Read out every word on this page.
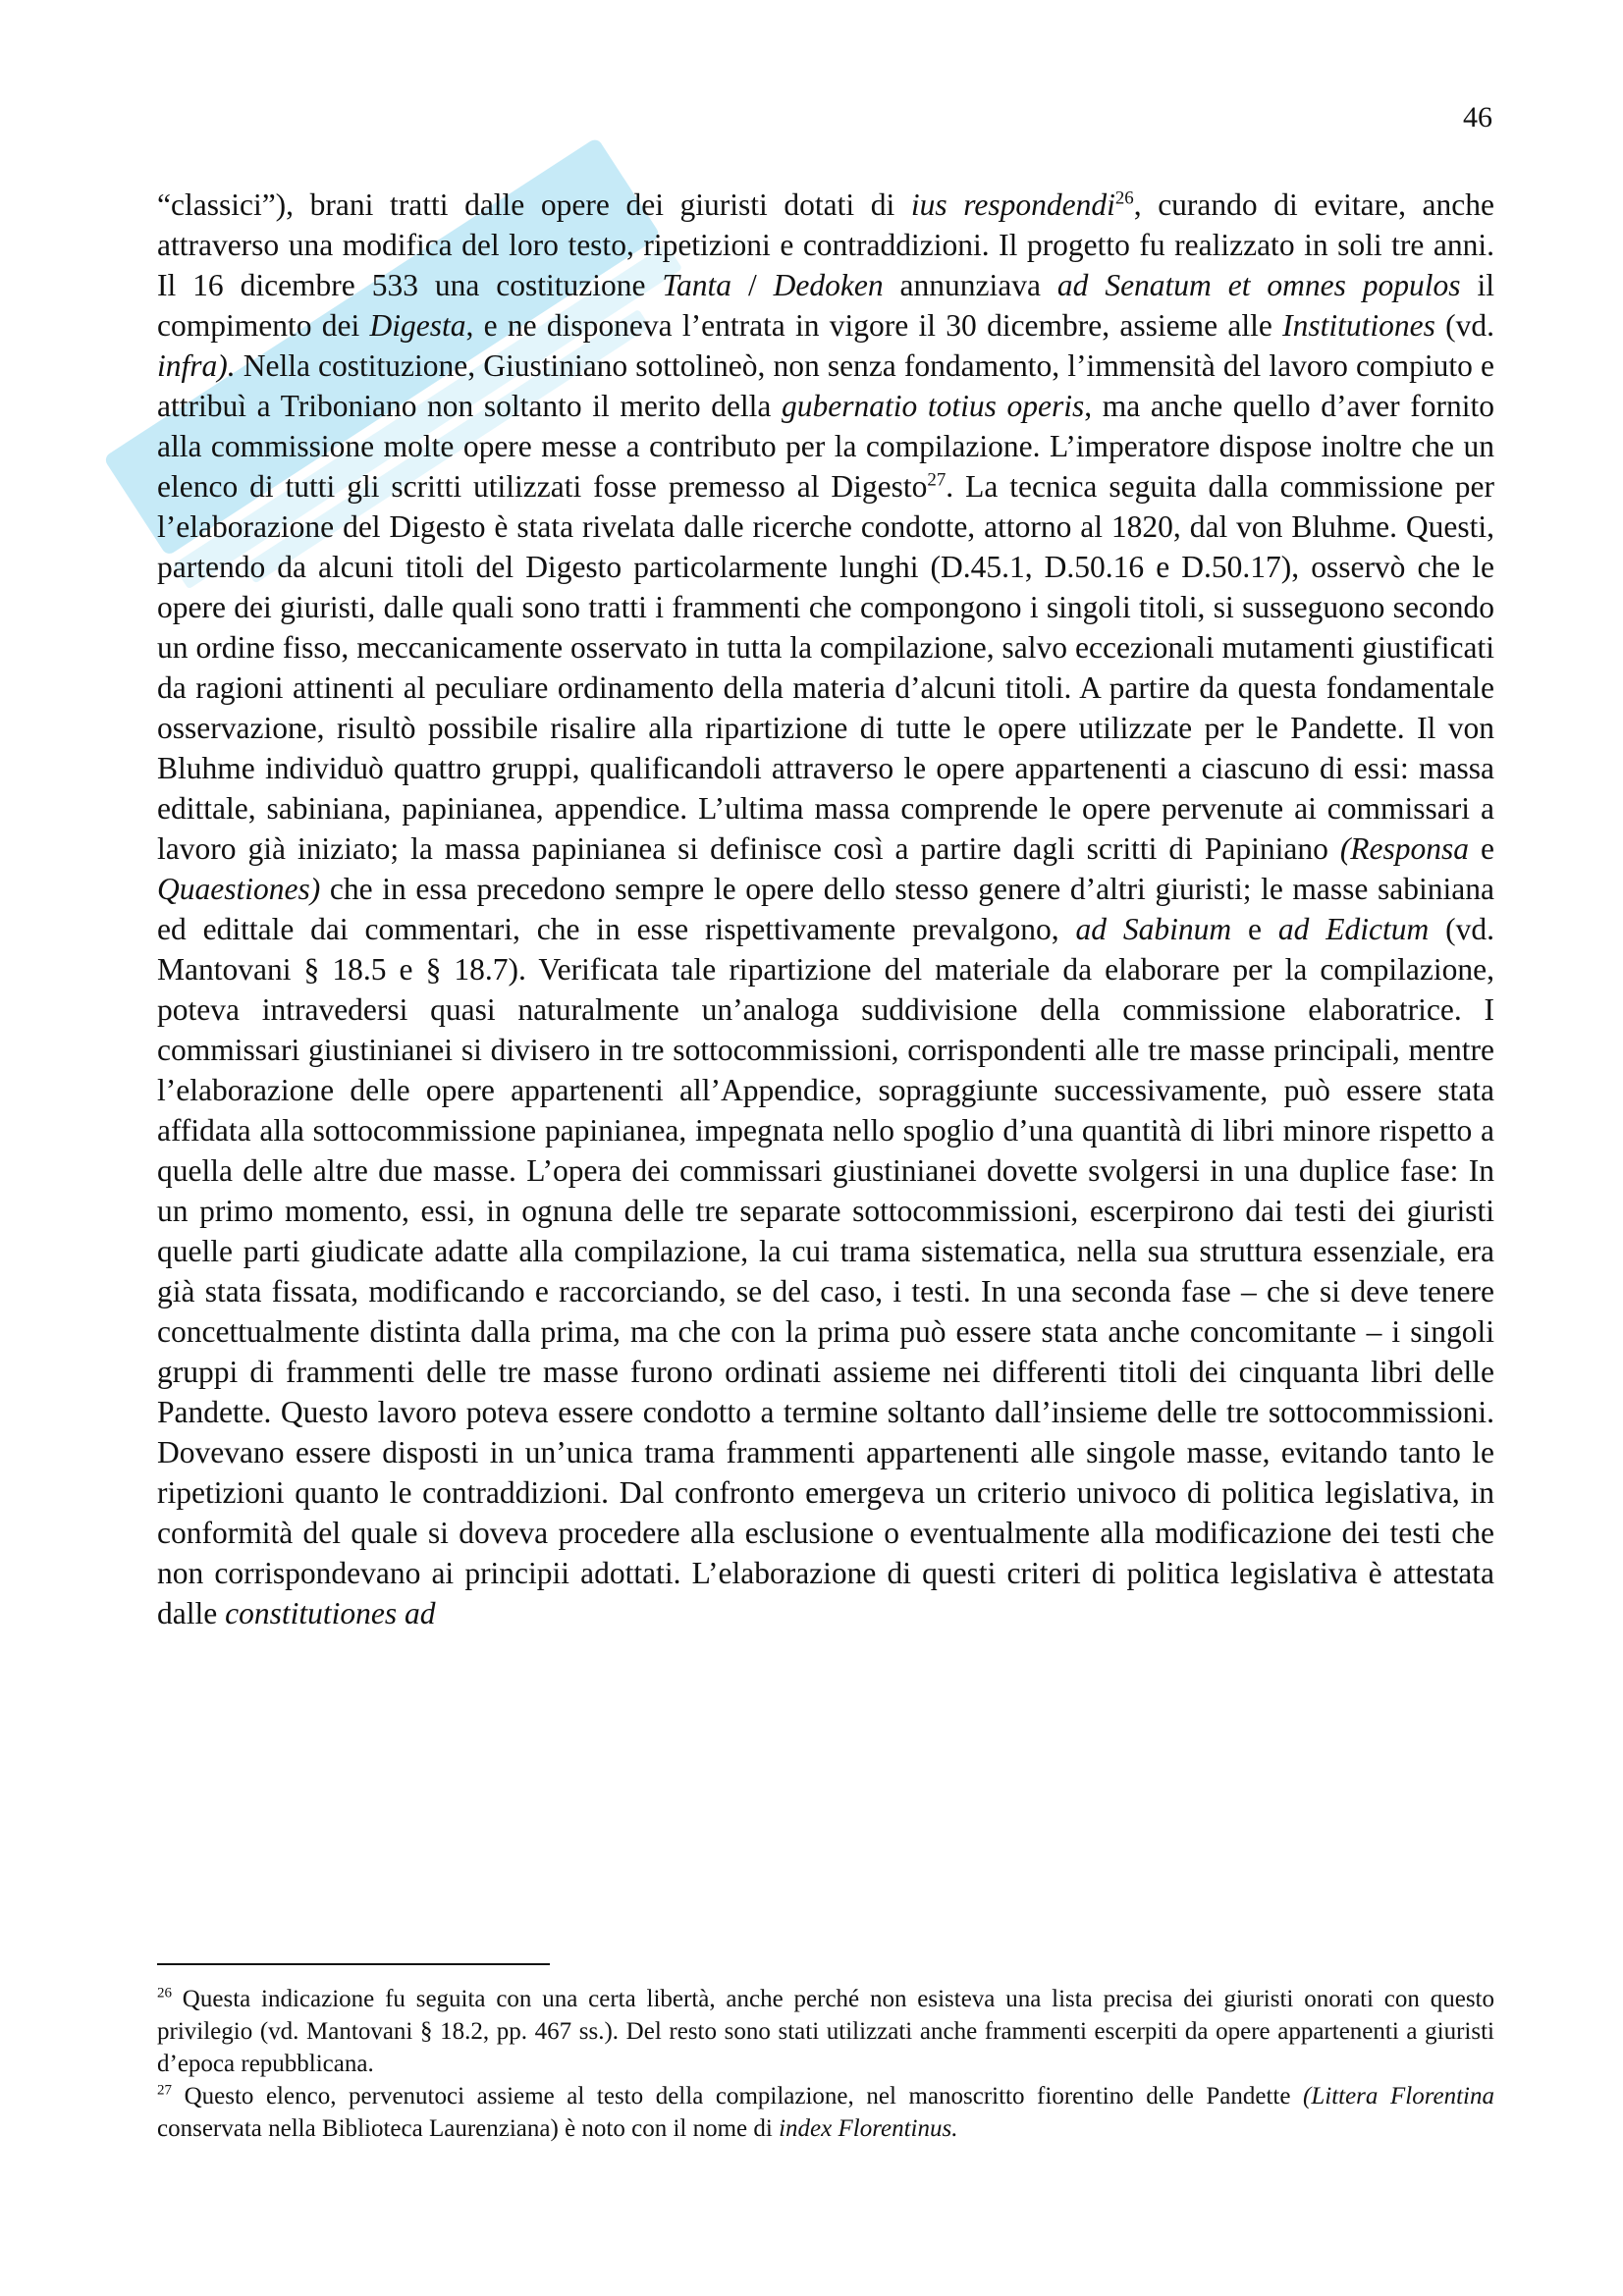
46

“classici”), brani tratti dalle opere dei giuristi dotati di ius respondendi$^{26}$, curando di evitare, anche attraverso una modifica del loro testo, ripetizioni e contraddizioni. Il progetto fu realizzato in soli tre anni. Il 16 dicembre 533 una costituzione Tanta / Dedoken annunziava ad Senatum et omnes populos il compimento dei Digesta, e ne disponeva l’entrata in vigore il 30 dicembre, assieme alle Institutiones (vd. infra). Nella costituzione, Giustiniano sottolineò, non senza fondamento, l’immensità del lavoro compiuto e attribuì a Triboniano non soltanto il merito della gubernatio totius operis, ma anche quello d’aver fornito alla commissione molte opere messe a contributo per la compilazione. L’imperatore dispose inoltre che un elenco di tutti gli scritti utilizzati fosse premesso al Digesto$^{27}$. La tecnica seguita dalla commissione per l’elaborazione del Digesto è stata rivelata dalle ricerche condotte, attorno al 1820, dal von Bluhme. Questi, partendo da alcuni titoli del Digesto particolarmente lunghi (D.45.1, D.50.16 e D.50.17), osservò che le opere dei giuristi, dalle quali sono tratti i frammenti che compongono i singoli titoli, si susseguono secondo un ordine fisso, meccanicamente osservato in tutta la compilazione, salvo eccezionali mutamenti giustificati da ragioni attinenti al peculiare ordinamento della materia d’alcuni titoli. A partire da questa fondamentale osservazione, risultò possibile risalire alla ripartizione di tutte le opere utilizzate per le Pandette. Il von Bluhme individuò quattro gruppi, qualificandoli attraverso le opere appartenenti a ciascuno di essi: massa edittale, sabiniana, papinianea, appendice. L’ultima massa comprende le opere pervenute ai commissari a lavoro già iniziato; la massa papinianea si definisce così a partire dagli scritti di Papiniano (Responsa e Quaestiones) che in essa precedono sempre le opere dello stesso genere d’altri giuristi; le masse sabiniana ed edittale dai commentari, che in esse rispettivamente prevalgono, ad Sabinum e ad Edictum (vd. Mantovani § 18.5 e § 18.7). Verificata tale ripartizione del materiale da elaborare per la compilazione, poteva intravedersi quasi naturalmente un’analoga suddivisione della commissione elaboratrice. I commissari giustinianei si divisero in tre sottocommissioni, corrispondenti alle tre masse principali, mentre l’elaborazione delle opere appartenenti all’Appendice, sopraggiunte successivamente, può essere stata affidata alla sottocommissione papinianea, impegnata nello spoglio d’una quantità di libri minore rispetto a quella delle altre due masse. L’opera dei commissari giustinianei dovette svolgersi in una duplice fase: In un primo momento, essi, in ognuna delle tre separate sottocommissioni, escerpirono dai testi dei giuristi quelle parti giudicate adatte alla compilazione, la cui trama sistematica, nella sua struttura essenziale, era già stata fissata, modificando e raccorciando, se del caso, i testi. In una seconda fase – che si deve tenere concettualmente distinta dalla prima, ma che con la prima può essere stata anche concomitante – i singoli gruppi di frammenti delle tre masse furono ordinati assieme nei differenti titoli dei cinquanta libri delle Pandette. Questo lavoro poteva essere condotto a termine soltanto dall’insieme delle tre sottocommissioni. Dovevano essere disposti in un’unica trama frammenti appartenenti alle singole masse, evitando tanto le ripetizioni quanto le contraddizioni. Dal confronto emergeva un criterio univoco di politica legislativa, in conformità del quale si doveva procedere alla esclusione o eventualmente alla modificazione dei testi che non corrispondevano ai principii adottati. L’elaborazione di questi criteri di politica legislativa è attestata dalle constitutiones ad

$^{26}$ Questa indicazione fu seguita con una certa libertà, anche perché non esisteva una lista precisa dei giuristi onorati con questo privilegio (vd. Mantovani § 18.2, pp. 467 ss.). Del resto sono stati utilizzati anche frammenti escerpiti da opere appartenenti a giuristi d’epoca repubblicana.

$^{27}$ Questo elenco, pervenutoci assieme al testo della compilazione, nel manoscritto fiorentino delle Pandette (Littera Florentina conservata nella Biblioteca Laurenziana) è noto con il nome di index Florentinus.
